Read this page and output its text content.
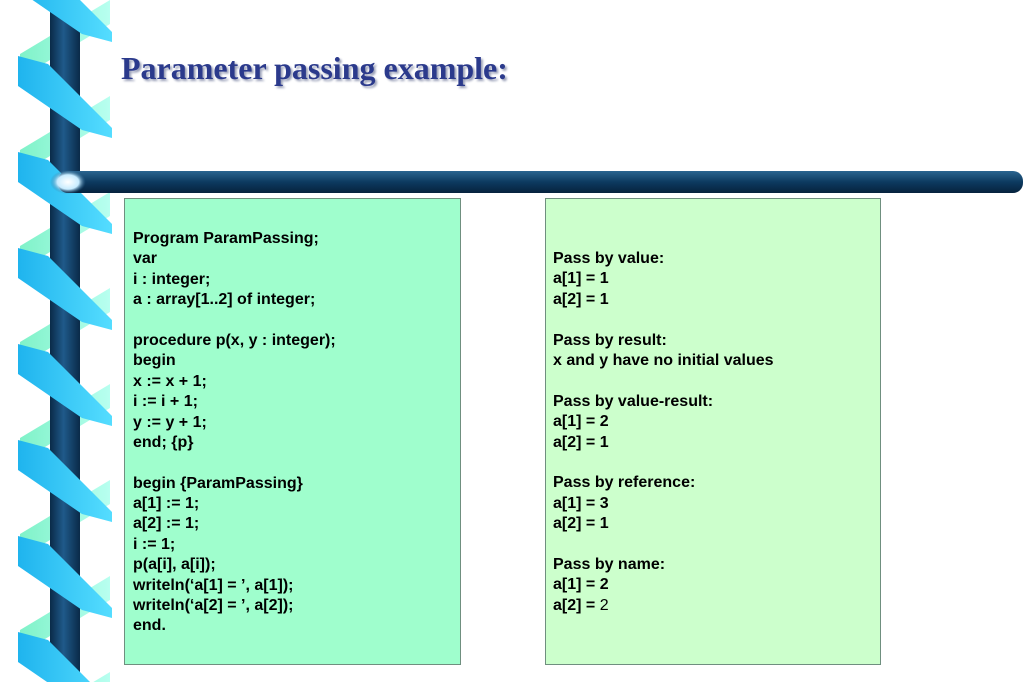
Parameter passing example:
Program ParamPassing;
var
i : integer;
a : array[1..2] of integer;
procedure p(x, y : integer);
begin
x := x + 1;
i := i + 1;
y := y + 1;
end; {p}
begin {ParamPassing}
a[1] := 1;
a[2] := 1;
i := 1;
p(a[i], a[i]);
writeln(‘a[1] = ’, a[1]);
writeln(‘a[2] = ’, a[2]);
end.
Pass by value:
a[1] = 1
a[2] = 1
Pass by result:
x and y have no initial values
Pass by value-result:
a[1] = 2
a[2] = 1
Pass by reference:
a[1] = 3
a[2] = 1
Pass by name:
a[1] = 2
a[2] = 2
